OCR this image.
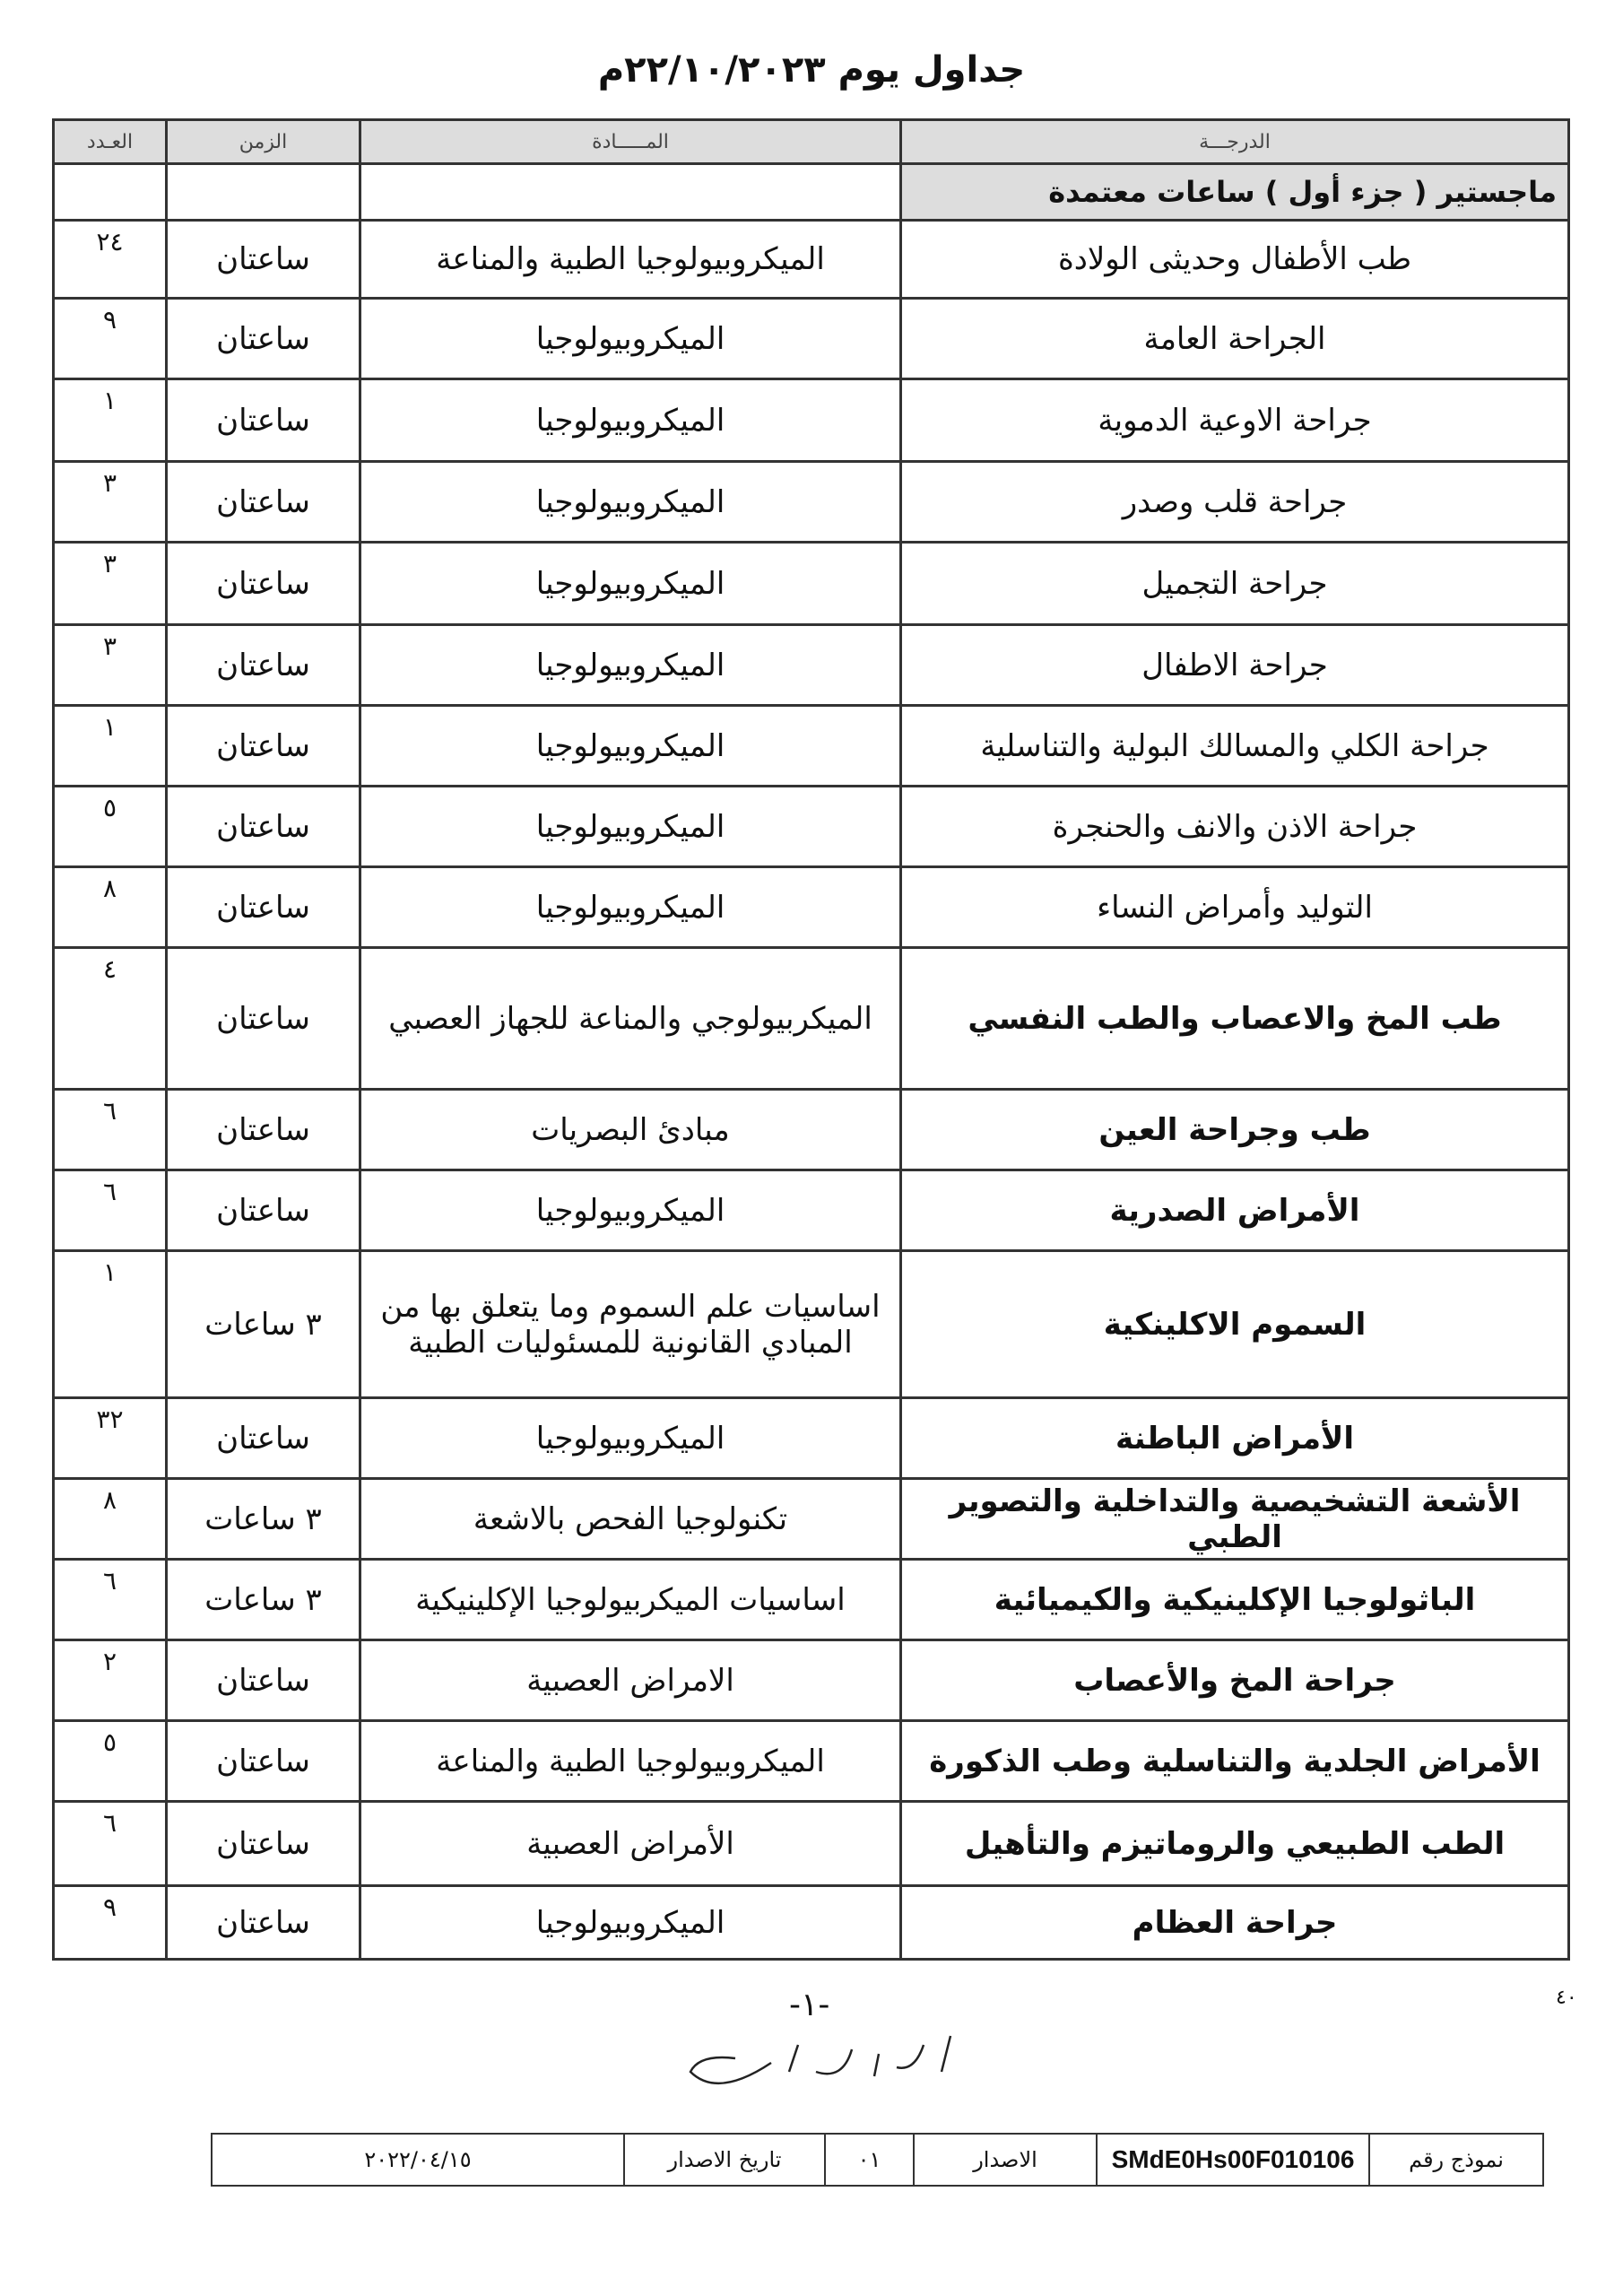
جداول يوم ٢٢/١٠/٢٠٢٣م
الدرجـــة	المـــــادة	الزمن	العـدد
ماجستير ( جزء أول ) ساعات معتمدة			
طب الأطفال وحديثى الولادة	الميكروبيولوجيا الطبية والمناعة	ساعتان	٢٤
الجراحة العامة	الميكروبيولوجيا	ساعتان	٩
جراحة الاوعية الدموية	الميكروبيولوجيا	ساعتان	١
جراحة قلب وصدر	الميكروبيولوجيا	ساعتان	٣
جراحة التجميل	الميكروبيولوجيا	ساعتان	٣
جراحة الاطفال	الميكروبيولوجيا	ساعتان	٣
جراحة الكلي والمسالك البولية والتناسلية	الميكروبيولوجيا	ساعتان	١
جراحة الاذن والانف والحنجرة	الميكروبيولوجيا	ساعتان	٥
التوليد وأمراض النساء	الميكروبيولوجيا	ساعتان	٨
طب المخ والاعصاب والطب النفسي	الميكربيولوجي والمناعة للجهاز العصبي	ساعتان	٤
طب وجراحة العين	مبادئ البصريات	ساعتان	٦
الأمراض الصدرية	الميكروبيولوجيا	ساعتان	٦
السموم الاكلينكية	اساسيات علم السموم وما يتعلق بها من المبادي القانونية للمسئوليات الطبية	٣ ساعات	١
الأمراض الباطنة	الميكروبيولوجيا	ساعتان	٣٢
الأشعة التشخيصية والتداخلية والتصوير الطبي	تكنولوجيا الفحص بالاشعة	٣ ساعات	٨
الباثولوجيا الإكلينيكية والكيميائية	اساسيات الميكربيولوجيا الإكلينيكية	٣ ساعات	٦
جراحة المخ والأعصاب	الامراض العصبية	ساعتان	٢
الأمراض الجلدية والتناسلية وطب الذكورة	الميكروبيولوجيا الطبية والمناعة	ساعتان	٥
الطب الطبيعي والروماتيزم والتأهيل	الأمراض العصبية	ساعتان	٦
جراحة العظام	الميكروبيولوجيا	ساعتان	٩
-١-	٤٠
نموذج رقم	SMdE0Hs00F010106	الاصدار	٠١	تاريخ الاصدار	٢٠٢٢/٠٤/١٥
